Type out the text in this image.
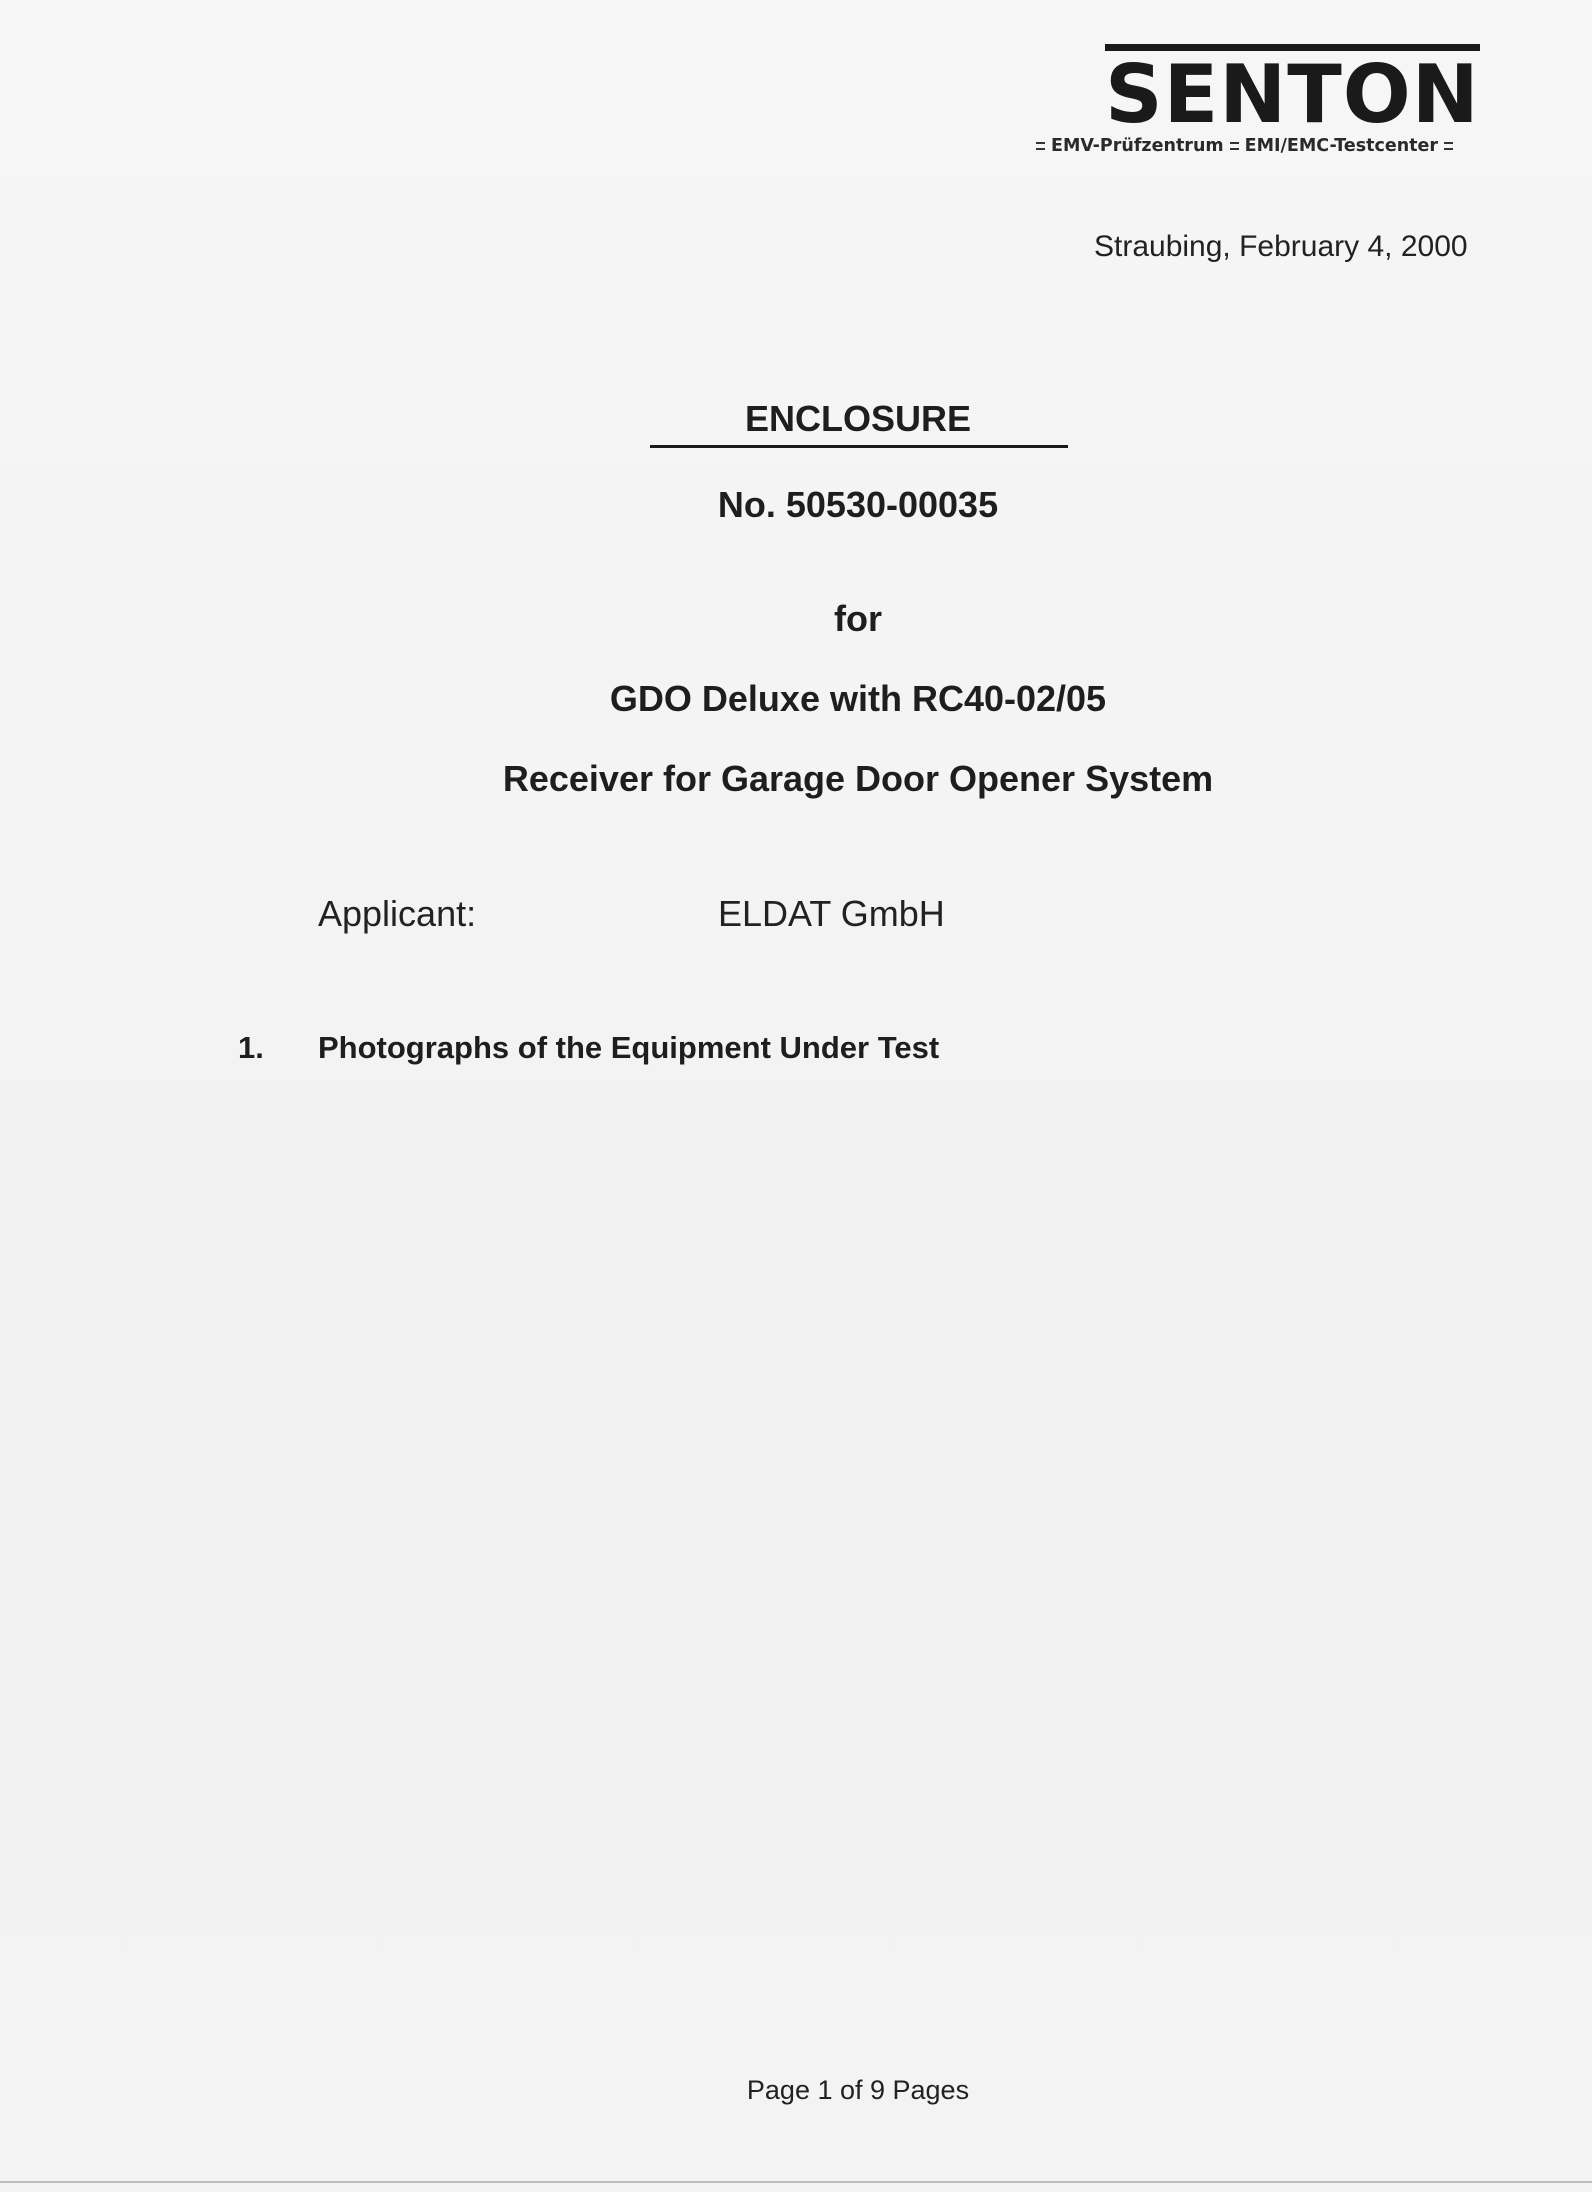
SENTON
EMV-Prüfzentrum EMI/EMC-Testcenter
Straubing, February 4, 2000
ENCLOSURE
No. 50530-00035
for
GDO Deluxe with RC40-02/05
Receiver for Garage Door Opener System
Applicant:	ELDAT GmbH
1. Photographs of the Equipment Under Test
Page 1 of 9 Pages
